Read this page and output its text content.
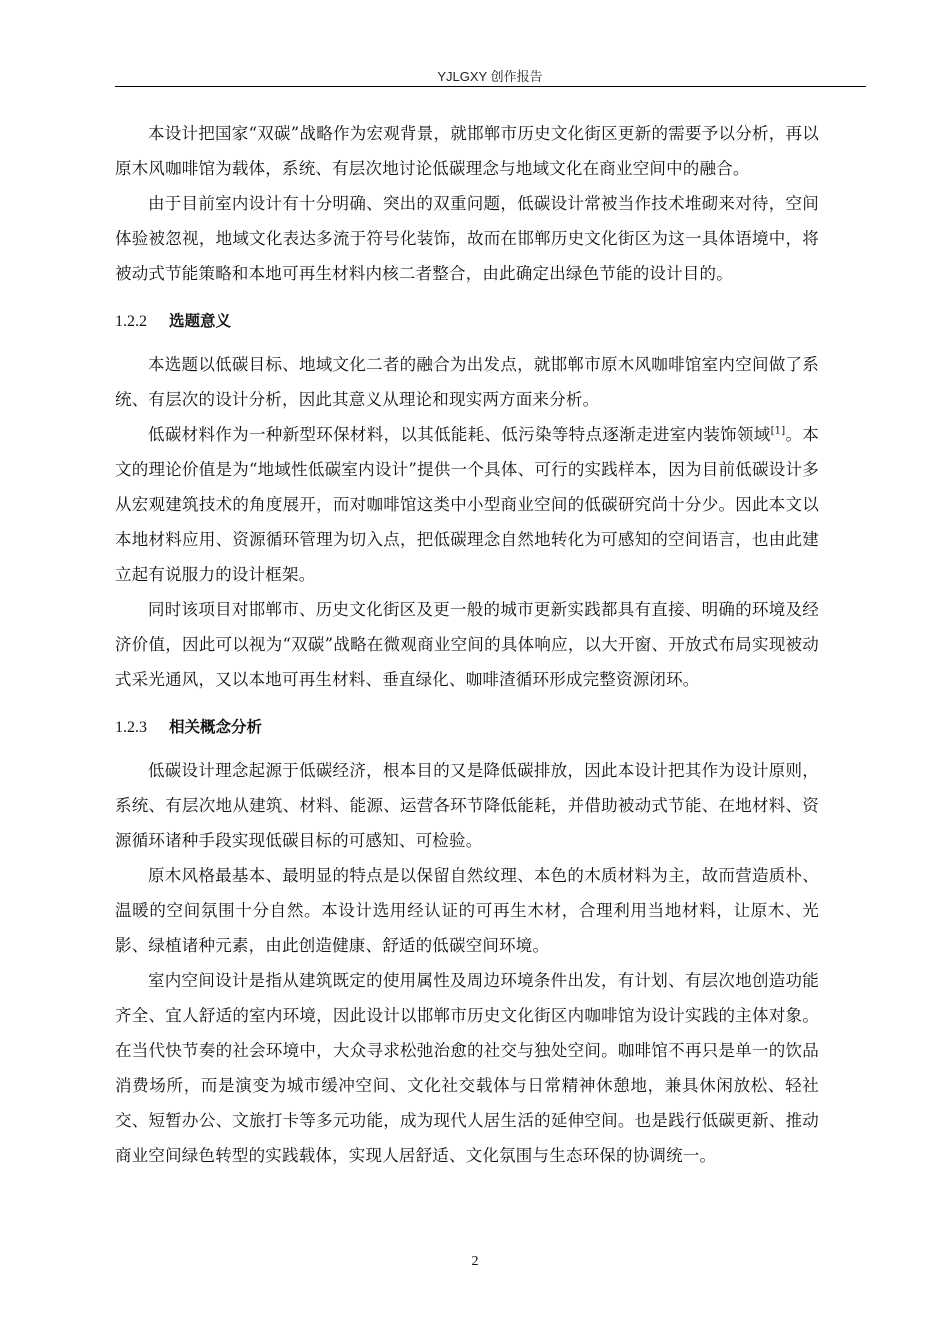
YJLGXY 创作报告

本设计把国家“双碳”战略作为宏观背景，就邯郸市历史文化街区更新的需要予以分析，再以原木风咖啡馆为载体，系统、有层次地讨论低碳理念与地域文化在商业空间中的融合。

由于目前室内设计有十分明确、突出的双重问题，低碳设计常被当作技术堆砌来对待，空间体验被忽视，地域文化表达多流于符号化装饰，故而在邯郸历史文化街区为这一具体语境中，将被动式节能策略和本地可再生材料内核二者整合，由此确定出绿色节能的设计目的。

1.2.2 选题意义

本选题以低碳目标、地域文化二者的融合为出发点，就邯郸市原木风咖啡馆室内空间做了系统、有层次的设计分析，因此其意义从理论和现实两方面来分析。

低碳材料作为一种新型环保材料，以其低能耗、低污染等特点逐渐走进室内装饰领域[1]。本文的理论价值是为“地域性低碳室内设计”提供一个具体、可行的实践样本，因为目前低碳设计多从宏观建筑技术的角度展开，而对咖啡馆这类中小型商业空间的低碳研究尚十分少。因此本文以本地材料应用、资源循环管理为切入点，把低碳理念自然地转化为可感知的空间语言，也由此建立起有说服力的设计框架。

同时该项目对邯郸市、历史文化街区及更一般的城市更新实践都具有直接、明确的环境及经济价值，因此可以视为“双碳”战略在微观商业空间的具体响应，以大开窗、开放式布局实现被动式采光通风，又以本地可再生材料、垂直绿化、咖啡渣循环形成完整资源闭环。

1.2.3 相关概念分析

低碳设计理念起源于低碳经济，根本目的又是降低碳排放，因此本设计把其作为设计原则，系统、有层次地从建筑、材料、能源、运营各环节降低能耗，并借助被动式节能、在地材料、资源循环诸种手段实现低碳目标的可感知、可检验。

原木风格最基本、最明显的特点是以保留自然纹理、本色的木质材料为主，故而营造质朴、温暖的空间氛围十分自然。本设计选用经认证的可再生木材，合理利用当地材料，让原木、光影、绿植诸种元素，由此创造健康、舒适的低碳空间环境。

室内空间设计是指从建筑既定的使用属性及周边环境条件出发，有计划、有层次地创造功能齐全、宜人舒适的室内环境，因此设计以邯郸市历史文化街区内咖啡馆为设计实践的主体对象。在当代快节奏的社会环境中，大众寻求松弛治愈的社交与独处空间。咖啡馆不再只是单一的饮品消费场所，而是演变为城市缓冲空间、文化社交载体与日常精神休憩地，兼具休闲放松、轻社交、短暂办公、文旅打卡等多元功能，成为现代人居生活的延伸空间。也是践行低碳更新、推动商业空间绿色转型的实践载体，实现人居舒适、文化氛围与生态环保的协调统一。

2
